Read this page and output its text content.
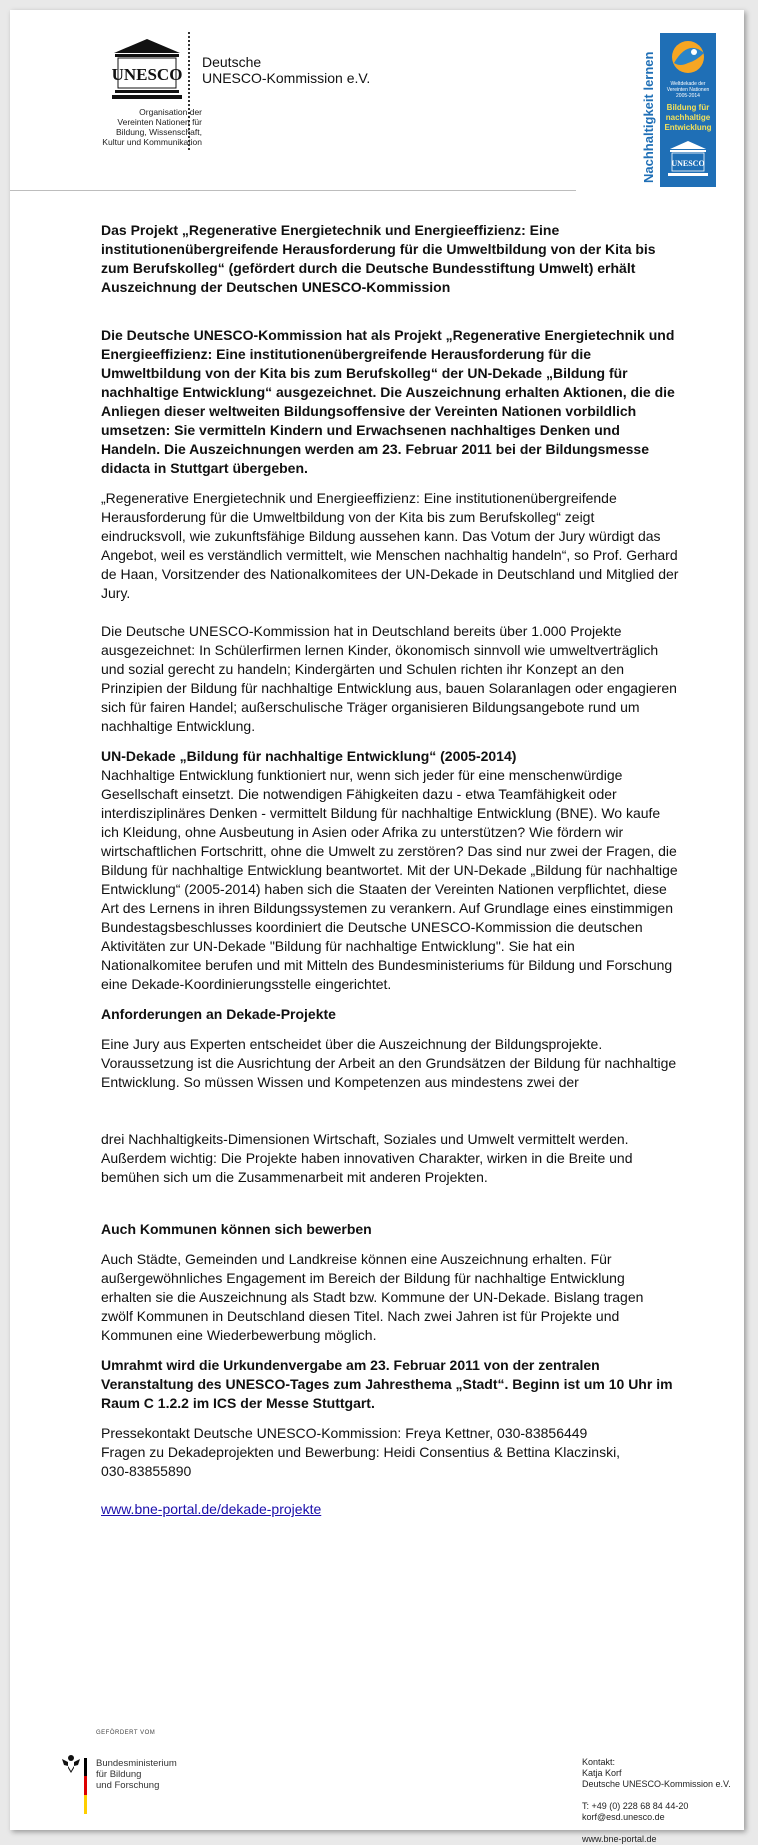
UNESCO
Organisation der
Vereinten Nationen für
Bildung, Wissenschaft,
Kultur und Kommunikation
Deutsche
UNESCO-Kommission e.V.	Nachhaltigkeit lernen	Weltdekade der
Vereinten Nationen
2005-2014
Bildung für
nachhaltige
Entwicklung
UNESCO

Das Projekt „Regenerative Energietechnik und Energieeffizienz: Eine institutionenübergreifende Herausforderung für die Umweltbildung von der Kita bis zum Berufskolleg“ (gefördert durch die Deutsche Bundesstiftung Umwelt) erhält Auszeichnung der Deutschen UNESCO-Kommission

Die Deutsche UNESCO-Kommission hat als Projekt „Regenerative Energietechnik und Energieeffizienz: Eine institutionenübergreifende Herausforderung für die Umweltbildung von der Kita bis zum Berufskolleg“ der UN-Dekade „Bildung für nachhaltige Entwicklung“ ausgezeichnet. Die Auszeichnung erhalten Aktionen, die die Anliegen dieser weltweiten Bildungsoffensive der Vereinten Nationen vorbildlich umsetzen: Sie vermitteln Kindern und Erwachsenen nachhaltiges Denken und Handeln. Die Auszeichnungen werden am 23. Februar 2011 bei der Bildungsmesse didacta in Stuttgart übergeben.

„Regenerative Energietechnik und Energieeffizienz: Eine institutionenübergreifende Herausforderung für die Umweltbildung von der Kita bis zum Berufskolleg“ zeigt eindrucksvoll, wie zukunftsfähige Bildung aussehen kann. Das Votum der Jury würdigt das Angebot, weil es verständlich vermittelt, wie Menschen nachhaltig handeln“, so Prof. Gerhard de Haan, Vorsitzender des Nationalkomitees der UN-Dekade in Deutschland und Mitglied der Jury.

Die Deutsche UNESCO-Kommission hat in Deutschland bereits über 1.000 Projekte ausgezeichnet: In Schülerfirmen lernen Kinder, ökonomisch sinnvoll wie umweltverträglich und sozial gerecht zu handeln; Kindergärten und Schulen richten ihr Konzept an den Prinzipien der Bildung für nachhaltige Entwicklung aus, bauen Solaranlagen oder engagieren sich für fairen Handel; außerschulische Träger organisieren Bildungsangebote rund um nachhaltige Entwicklung.

UN-Dekade „Bildung für nachhaltige Entwicklung“ (2005-2014)

Nachhaltige Entwicklung funktioniert nur, wenn sich jeder für eine menschenwürdige Gesellschaft einsetzt. Die notwendigen Fähigkeiten dazu - etwa Teamfähigkeit oder interdisziplinäres Denken - vermittelt Bildung für nachhaltige Entwicklung (BNE). Wo kaufe ich Kleidung, ohne Ausbeutung in Asien oder Afrika zu unterstützen? Wie fördern wir wirtschaftlichen Fortschritt, ohne die Umwelt zu zerstören? Das sind nur zwei der Fragen, die Bildung für nachhaltige Entwicklung beantwortet. Mit der UN-Dekade „Bildung für nachhaltige Entwicklung“ (2005-2014) haben sich die Staaten der Vereinten Nationen verpflichtet, diese Art des Lernens in ihren Bildungssystemen zu verankern. Auf Grundlage eines einstimmigen Bundestagsbeschlusses koordiniert die Deutsche UNESCO-Kommission die deutschen Aktivitäten zur UN-Dekade "Bildung für nachhaltige Entwicklung". Sie hat ein Nationalkomitee berufen und mit Mitteln des Bundesministeriums für Bildung und Forschung eine Dekade-Koordinierungsstelle eingerichtet.

Anforderungen an Dekade-Projekte

Eine Jury aus Experten entscheidet über die Auszeichnung der Bildungsprojekte. Voraussetzung ist die Ausrichtung der Arbeit an den Grundsätzen der Bildung für nachhaltige Entwicklung. So müssen Wissen und Kompetenzen aus mindestens zwei der

drei Nachhaltigkeits-Dimensionen Wirtschaft, Soziales und Umwelt vermittelt werden. Außerdem wichtig: Die Projekte haben innovativen Charakter, wirken in die Breite und bemühen sich um die Zusammenarbeit mit anderen Projekten.

Auch Kommunen können sich bewerben

Auch Städte, Gemeinden und Landkreise können eine Auszeichnung erhalten. Für außergewöhnliches Engagement im Bereich der Bildung für nachhaltige Entwicklung erhalten sie die Auszeichnung als Stadt bzw. Kommune der UN-Dekade. Bislang tragen zwölf Kommunen in Deutschland diesen Titel. Nach zwei Jahren ist für Projekte und Kommunen eine Wiederbewerbung möglich.

Umrahmt wird die Urkundenvergabe am 23. Februar 2011 von der zentralen Veranstaltung des UNESCO-Tages zum Jahresthema „Stadt“. Beginn ist um 10 Uhr im Raum C 1.2.2 im ICS der Messe Stuttgart.

Pressekontakt Deutsche UNESCO-Kommission: Freya Kettner, 030-83856449

Fragen zu Dekadeprojekten und Bewerbung: Heidi Consentius & Bettina Klaczinski,

030-83855890

www.bne-portal.de/dekade-projekte

GEFÖRDERT VOM
Bundesministerium
für Bildung
und Forschung

Kontakt:

Katja Korf

Deutsche UNESCO-Kommission e.V.

T: +49 (0) 228 68 84 44-20

korf@esd.unesco.de

www.bne-portal.de
